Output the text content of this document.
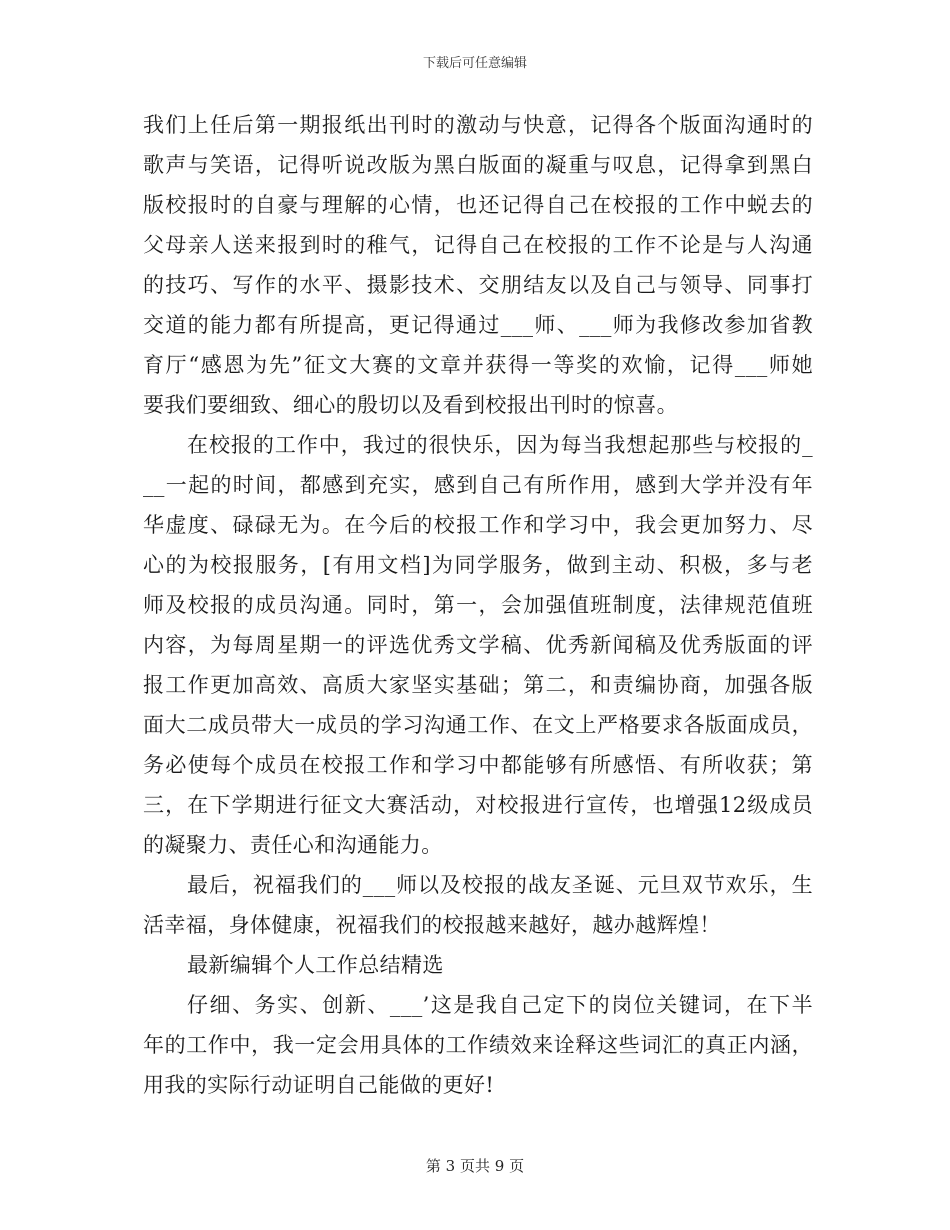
下载后可任意编辑
我们上任后第一期报纸出刊时的激动与快意，记得各个版面沟通时的
歌声与笑语，记得听说改版为黑白版面的凝重与叹息，记得拿到黑白
版校报时的自豪与理解的心情，也还记得自己在校报的工作中蜕去的
父母亲人送来报到时的稚气，记得自己在校报的工作不论是与人沟通
的技巧、写作的水平、摄影技术、交朋结友以及自己与领导、同事打
交道的能力都有所提高，更记得通过___师、___师为我修改参加省教
育厅“感恩为先”征文大赛的文章并获得一等奖的欢愉，记得___师她
要我们要细致、细心的殷切以及看到校报出刊时的惊喜。
在校报的工作中，我过的很快乐，因为每当我想起那些与校报的_
__一起的时间，都感到充实，感到自己有所作用，感到大学并没有年
华虚度、碌碌无为。在今后的校报工作和学习中，我会更加努力、尽
心的为校报服务，[有用文档]为同学服务，做到主动、积极，多与老
师及校报的成员沟通。同时，第一，会加强值班制度，法律规范值班
内容，为每周星期一的评选优秀文学稿、优秀新闻稿及优秀版面的评
报工作更加高效、高质大家坚实基础；第二，和责编协商，加强各版
面大二成员带大一成员的学习沟通工作、在文上严格要求各版面成员，
务必使每个成员在校报工作和学习中都能够有所感悟、有所收获；第
三，在下学期进行征文大赛活动，对校报进行宣传，也增强12级成员
的凝聚力、责任心和沟通能力。
最后，祝福我们的___师以及校报的战友圣诞、元旦双节欢乐，生
活幸福，身体健康，祝福我们的校报越来越好，越办越辉煌！
最新编辑个人工作总结精选
仔细、务实、创新、___’这是我自己定下的岗位关键词，在下半
年的工作中，我一定会用具体的工作绩效来诠释这些词汇的真正内涵，
用我的实际行动证明自己能做的更好!
第 3 页共 9 页
